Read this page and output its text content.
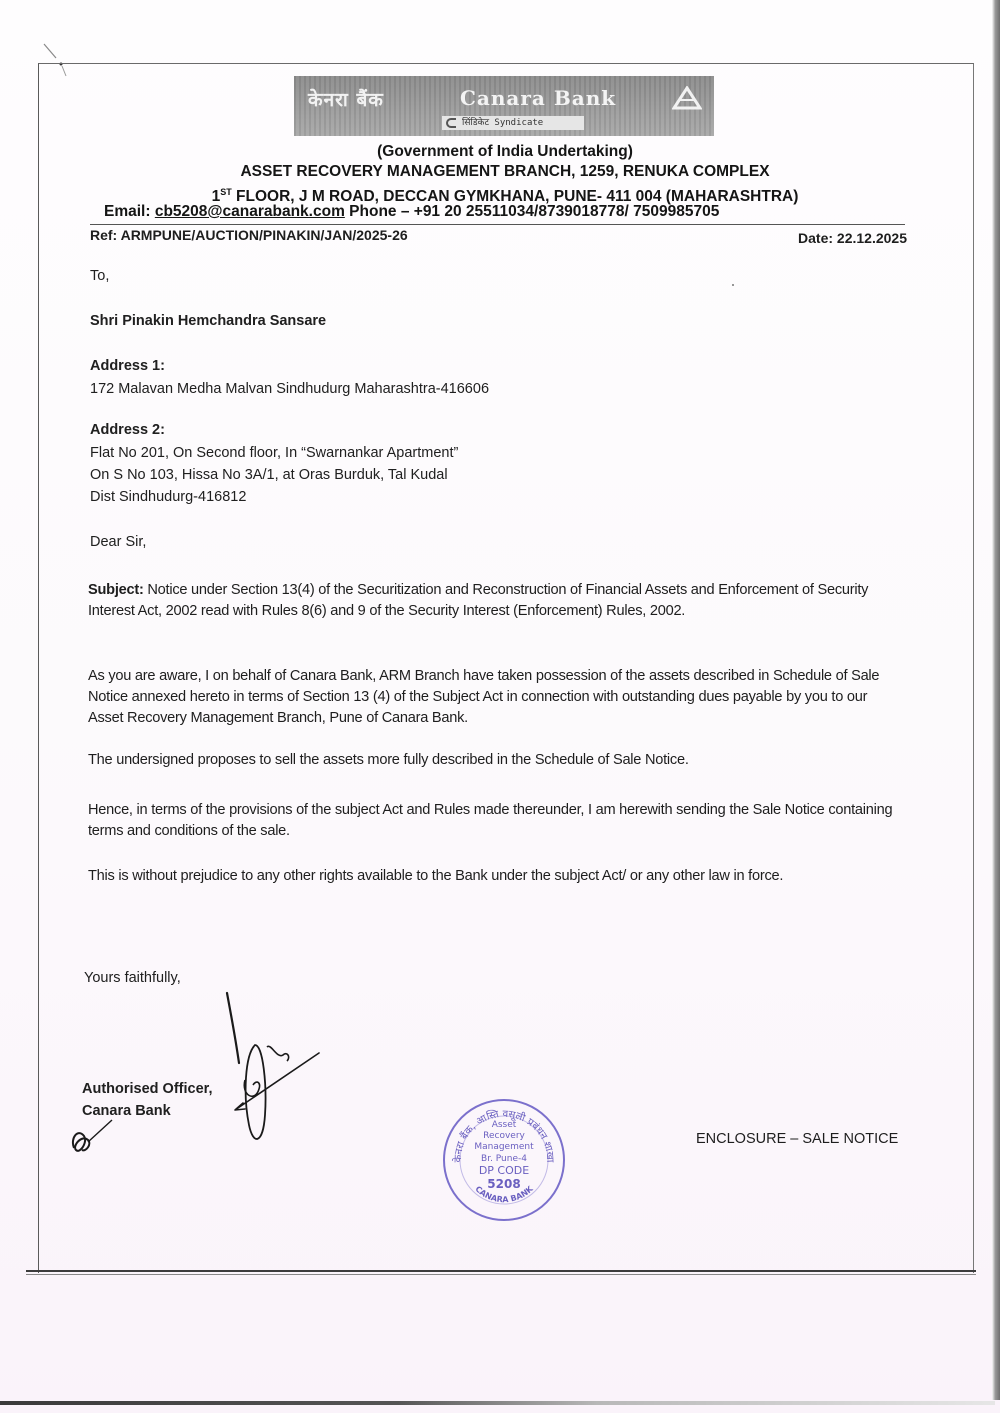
केनरा बैंक	Canara Bank
सिंडिकेट Syndicate
(Government of India Undertaking)
ASSET RECOVERY MANAGEMENT BRANCH, 1259, RENUKA COMPLEX
1ST FLOOR, J M ROAD, DECCAN GYMKHANA, PUNE- 411 004 (MAHARASHTRA)
Email: cb5208@canarabank.com Phone – +91 20 25511034/8739018778/ 7509985705
Ref: ARMPUNE/AUCTION/PINAKIN/JAN/2025-26	Date: 22.12.2025
To,
Shri Pinakin Hemchandra Sansare
Address 1:
172 Malavan Medha Malvan Sindhudurg Maharashtra-416606
Address 2:
Flat No 201, On Second floor, In “Swarnankar Apartment”
On S No 103, Hissa No 3A/1, at Oras Burduk, Tal Kudal
Dist Sindhudurg-416812
Dear Sir,
Subject: Notice under Section 13(4) of the Securitization and Reconstruction of Financial Assets and Enforcement of Security Interest Act, 2002 read with Rules 8(6) and 9 of the Security Interest (Enforcement) Rules, 2002.
As you are aware, I on behalf of Canara Bank, ARM Branch have taken possession of the assets described in Schedule of Sale Notice annexed hereto in terms of Section 13 (4) of the Subject Act in connection with outstanding dues payable by you to our Asset Recovery Management Branch, Pune of Canara Bank.
The undersigned proposes to sell the assets more fully described in the Schedule of Sale Notice.
Hence, in terms of the provisions of the subject Act and Rules made thereunder, I am herewith sending the Sale Notice containing terms and conditions of the sale.
This is without prejudice to any other rights available to the Bank under the subject Act/ or any other law in force.
Yours faithfully,
Authorised Officer,
Canara Bank
केनरा बैंक, आस्ति वसूली प्रबंधन शाखा
CANARA BANK
Asset
Recovery
Management
Br. Pune-4
DP CODE
5208
ENCLOSURE – SALE NOTICE
